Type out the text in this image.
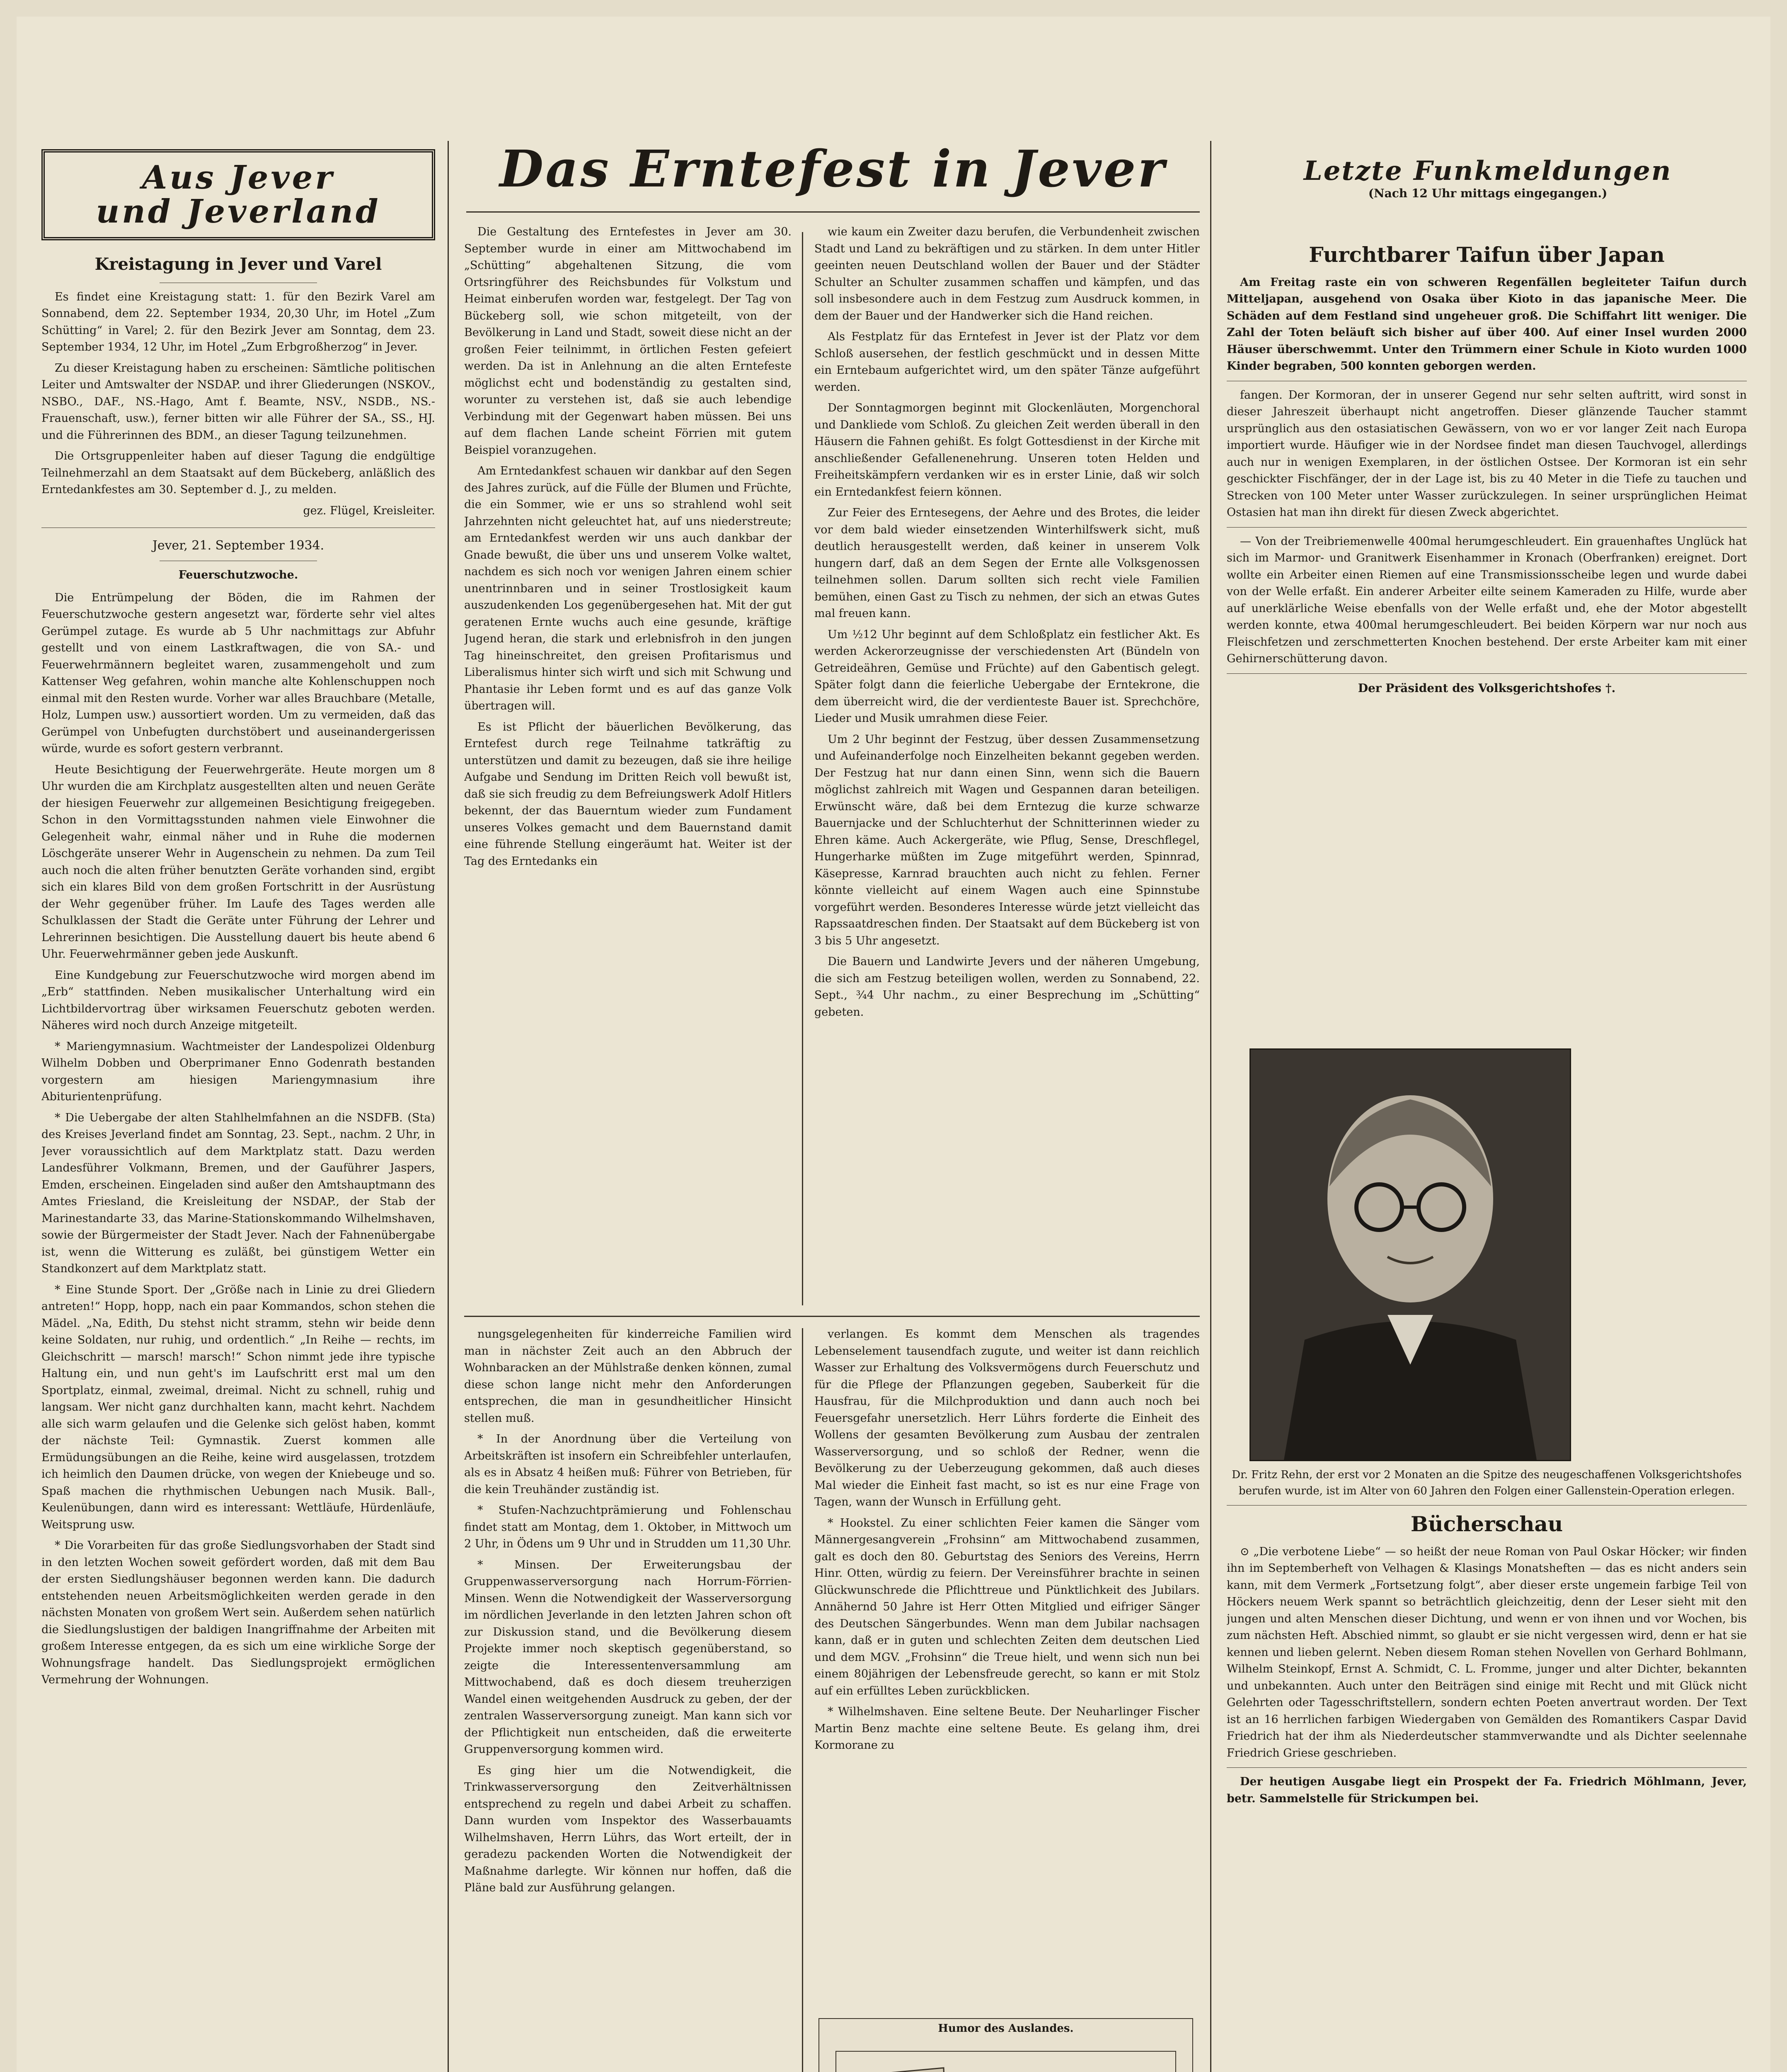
Das Erntefest in Jever
Aus Jever
und Jeverland
Kreistagung in Jever und Varel

Es findet eine Kreistagung statt: 1. für den Bezirk Varel am Sonnabend, dem 22. September 1934, 20,30 Uhr, im Hotel „Zum Schütting“ in Varel; 2. für den Bezirk Jever am Sonntag, dem 23. September 1934, 12 Uhr, im Hotel „Zum Erbgroßherzog“ in Jever.

Zu dieser Kreistagung haben zu erscheinen: Sämtliche politischen Leiter und Amtswalter der NSDAP. und ihrer Gliederungen (NSKOV., NSBO., DAF., NS.-Hago, Amt f. Beamte, NSV., NSDB., NS.-Frauenschaft, usw.), ferner bitten wir alle Führer der SA., SS., HJ. und die Führerinnen des BDM., an dieser Tagung teilzunehmen.

Die Ortsgruppenleiter haben auf dieser Tagung die endgültige Teilnehmerzahl an dem Staatsakt auf dem Bückeberg, anläßlich des Erntedankfestes am 30. September d. J., zu melden.

gez. Flügel, Kreisleiter.
Jever, 21. September 1934.
Feuerschutzwoche.

Die Entrümpelung der Böden, die im Rahmen der Feuerschutzwoche gestern angesetzt war, förderte sehr viel altes Gerümpel zutage. Es wurde ab 5 Uhr nachmittags zur Abfuhr gestellt und von einem Lastkraftwagen, die von SA.- und Feuerwehrmännern begleitet waren, zusammengeholt und zum Kattenser Weg gefahren, wohin manche alte Kohlenschuppen noch einmal mit den Resten wurde. Vorher war alles Brauchbare (Metalle, Holz, Lumpen usw.) aussortiert worden. Um zu vermeiden, daß das Gerümpel von Unbefugten durchstöbert und auseinandergerissen würde, wurde es sofort gestern verbrannt.

Heute Besichtigung der Feuerwehrgeräte. Heute morgen um 8 Uhr wurden die am Kirchplatz ausgestellten alten und neuen Geräte der hiesigen Feuerwehr zur allgemeinen Besichtigung freigegeben. Schon in den Vormittagsstunden nahmen viele Einwohner die Gelegenheit wahr, einmal näher und in Ruhe die modernen Löschgeräte unserer Wehr in Augenschein zu nehmen. Da zum Teil auch noch die alten früher benutzten Geräte vorhanden sind, ergibt sich ein klares Bild von dem großen Fortschritt in der Ausrüstung der Wehr gegenüber früher. Im Laufe des Tages werden alle Schulklassen der Stadt die Geräte unter Führung der Lehrer und Lehrerinnen besichtigen. Die Ausstellung dauert bis heute abend 6 Uhr. Feuerwehrmänner geben jede Auskunft.

Eine Kundgebung zur Feuerschutzwoche wird morgen abend im „Erb“ stattfinden. Neben musikalischer Unterhaltung wird ein Lichtbildervortrag über wirksamen Feuerschutz geboten werden. Näheres wird noch durch Anzeige mitgeteilt.

* Mariengymnasium. Wachtmeister der Landespolizei Oldenburg Wilhelm Dobben und Oberprimaner Enno Godenrath bestanden vorgestern am hiesigen Mariengymnasium ihre Abiturientenprüfung.

* Die Uebergabe der alten Stahlhelmfahnen an die NSDFB. (Sta) des Kreises Jeverland findet am Sonntag, 23. Sept., nachm. 2 Uhr, in Jever voraussichtlich auf dem Marktplatz statt. Dazu werden Landesführer Volkmann, Bremen, und der Gauführer Jaspers, Emden, erscheinen. Eingeladen sind außer den Amtshauptmann des Amtes Friesland, die Kreisleitung der NSDAP., der Stab der Marinestandarte 33, das Marine-Stationskommando Wilhelmshaven, sowie der Bürgermeister der Stadt Jever. Nach der Fahnenübergabe ist, wenn die Witterung es zuläßt, bei günstigem Wetter ein Standkonzert auf dem Marktplatz statt.

* Eine Stunde Sport. Der „Größe nach in Linie zu drei Gliedern antreten!“ Hopp, hopp, nach ein paar Kommandos, schon stehen die Mädel. „Na, Edith, Du stehst nicht stramm, stehn wir beide denn keine Soldaten, nur ruhig, und ordentlich.“ „In Reihe — rechts, im Gleichschritt — marsch! marsch!“ Schon nimmt jede ihre typische Haltung ein, und nun geht's im Laufschritt erst mal um den Sportplatz, einmal, zweimal, dreimal. Nicht zu schnell, ruhig und langsam. Wer nicht ganz durchhalten kann, macht kehrt. Nachdem alle sich warm gelaufen und die Gelenke sich gelöst haben, kommt der nächste Teil: Gymnastik. Zuerst kommen alle Ermüdungsübungen an die Reihe, keine wird ausgelassen, trotzdem ich heimlich den Daumen drücke, von wegen der Kniebeuge und so. Spaß machen die rhythmischen Uebungen nach Musik. Ball-, Keulenübungen, dann wird es interessant: Wettläufe, Hürdenläufe, Weitsprung usw.

* Die Vorarbeiten für das große Siedlungsvorhaben der Stadt sind in den letzten Wochen soweit gefördert worden, daß mit dem Bau der ersten Siedlungshäuser begonnen werden kann. Die dadurch entstehenden neuen Arbeitsmöglichkeiten werden gerade in den nächsten Monaten von großem Wert sein. Außerdem sehen natürlich die Siedlungslustigen der baldigen Inangriffnahme der Arbeiten mit großem Interesse entgegen, da es sich um eine wirkliche Sorge der Wohnungsfrage handelt. Das Siedlungsprojekt ermöglichen Vermehrung der Wohnungen.

Die Gestaltung des Erntefestes in Jever am 30. September wurde in einer am Mittwochabend im „Schütting“ abgehaltenen Sitzung, die vom Ortsringführer des Reichsbundes für Volkstum und Heimat einberufen worden war, festgelegt. Der Tag von Bückeberg soll, wie schon mitgeteilt, von der Bevölkerung in Land und Stadt, soweit diese nicht an der großen Feier teilnimmt, in örtlichen Festen gefeiert werden. Da ist in Anlehnung an die alten Erntefeste möglichst echt und bodenständig zu gestalten sind, worunter zu verstehen ist, daß sie auch lebendige Verbindung mit der Gegenwart haben müssen. Bei uns auf dem flachen Lande scheint Förrien mit gutem Beispiel voranzugehen.

Am Erntedankfest schauen wir dankbar auf den Segen des Jahres zurück, auf die Fülle der Blumen und Früchte, die ein Sommer, wie er uns so strahlend wohl seit Jahrzehnten nicht geleuchtet hat, auf uns niederstreute; am Erntedankfest werden wir uns auch dankbar der Gnade bewußt, die über uns und unserem Volke waltet, nachdem es sich noch vor wenigen Jahren einem schier unentrinnbaren und in seiner Trostlosigkeit kaum auszudenkenden Los gegenübergesehen hat. Mit der gut geratenen Ernte wuchs auch eine gesunde, kräftige Jugend heran, die stark und erlebnisfroh in den jungen Tag hineinschreitet, den greisen Profitarismus und Liberalismus hinter sich wirft und sich mit Schwung und Phantasie ihr Leben formt und es auf das ganze Volk übertragen will.

Es ist Pflicht der bäuerlichen Bevölkerung, das Erntefest durch rege Teilnahme tatkräftig zu unterstützen und damit zu bezeugen, daß sie ihre heilige Aufgabe und Sendung im Dritten Reich voll bewußt ist, daß sie sich freudig zu dem Befreiungswerk Adolf Hitlers bekennt, der das Bauerntum wieder zum Fundament unseres Volkes gemacht und dem Bauernstand damit eine führende Stellung eingeräumt hat. Weiter ist der Tag des Erntedanks ein

wie kaum ein Zweiter dazu berufen, die Verbundenheit zwischen Stadt und Land zu bekräftigen und zu stärken. In dem unter Hitler geeinten neuen Deutschland wollen der Bauer und der Städter Schulter an Schulter zusammen schaffen und kämpfen, und das soll insbesondere auch in dem Festzug zum Ausdruck kommen, in dem der Bauer und der Handwerker sich die Hand reichen.

Als Festplatz für das Erntefest in Jever ist der Platz vor dem Schloß ausersehen, der festlich geschmückt und in dessen Mitte ein Erntebaum aufgerichtet wird, um den später Tänze aufgeführt werden.

Der Sonntagmorgen beginnt mit Glockenläuten, Morgenchoral und Dankliede vom Schloß. Zu gleichen Zeit werden überall in den Häusern die Fahnen gehißt. Es folgt Gottesdienst in der Kirche mit anschließender Gefallenenehrung. Unseren toten Helden und Freiheitskämpfern verdanken wir es in erster Linie, daß wir solch ein Erntedankfest feiern können.

Zur Feier des Erntesegens, der Aehre und des Brotes, die leider vor dem bald wieder einsetzenden Winterhilfswerk sicht, muß deutlich herausgestellt werden, daß keiner in unserem Volk hungern darf, daß an dem Segen der Ernte alle Volksgenossen teilnehmen sollen. Darum sollten sich recht viele Familien bemühen, einen Gast zu Tisch zu nehmen, der sich an etwas Gutes mal freuen kann.

Um ½12 Uhr beginnt auf dem Schloßplatz ein festlicher Akt. Es werden Ackerorzeugnisse der verschiedensten Art (Bündeln von Getreideähren, Gemüse und Früchte) auf den Gabentisch gelegt. Später folgt dann die feierliche Uebergabe der Erntekrone, die dem überreicht wird, die der verdienteste Bauer ist. Sprechchöre, Lieder und Musik umrahmen diese Feier.

Um 2 Uhr beginnt der Festzug, über dessen Zusammensetzung und Aufeinanderfolge noch Einzelheiten bekannt gegeben werden. Der Festzug hat nur dann einen Sinn, wenn sich die Bauern möglichst zahlreich mit Wagen und Gespannen daran beteiligen. Erwünscht wäre, daß bei dem Erntezug die kurze schwarze Bauernjacke und der Schluchterhut der Schnitterinnen wieder zu Ehren käme. Auch Ackergeräte, wie Pflug, Sense, Dreschflegel, Hungerharke müßten im Zuge mitgeführt werden, Spinnrad, Käsepresse, Karnrad brauchten auch nicht zu fehlen. Ferner könnte vielleicht auf einem Wagen auch eine Spinnstube vorgeführt werden. Besonderes Interesse würde jetzt vielleicht das Rapssaatdreschen finden. Der Staatsakt auf dem Bückeberg ist von 3 bis 5 Uhr angesetzt.

Die Bauern und Landwirte Jevers und der näheren Umgebung, die sich am Festzug beteiligen wollen, werden zu Sonnabend, 22. Sept., ¾4 Uhr nachm., zu einer Besprechung im „Schütting“ gebeten.

nungsgelegenheiten für kinderreiche Familien wird man in nächster Zeit auch an den Abbruch der Wohnbaracken an der Mühlstraße denken können, zumal diese schon lange nicht mehr den Anforderungen entsprechen, die man in gesundheitlicher Hinsicht stellen muß.

* In der Anordnung über die Verteilung von Arbeitskräften ist insofern ein Schreibfehler unterlaufen, als es in Absatz 4 heißen muß: Führer von Betrieben, für die kein Treuhänder zuständig ist.

* Stufen-Nachzuchtprämierung und Fohlenschau findet statt am Montag, dem 1. Oktober, in Mittwoch um 2 Uhr, in Ödens um 9 Uhr und in Strudden um 11,30 Uhr.

* Minsen. Der Erweiterungsbau der Gruppenwasserversorgung nach Horrum-Förrien-Minsen. Wenn die Notwendigkeit der Wasserversorgung im nördlichen Jeverlande in den letzten Jahren schon oft zur Diskussion stand, und die Bevölkerung diesem Projekte immer noch skeptisch gegenüberstand, so zeigte die Interessentenversammlung am Mittwochabend, daß es doch diesem treuherzigen Wandel einen weitgehenden Ausdruck zu geben, der der zentralen Wasserversorgung zuneigt. Man kann sich vor der Pflichtigkeit nun entscheiden, daß die erweiterte Gruppenversorgung kommen wird.

Es ging hier um die Notwendigkeit, die Trinkwasserversorgung den Zeitverhältnissen entsprechend zu regeln und dabei Arbeit zu schaffen. Dann wurden vom Inspektor des Wasserbauamts Wilhelmshaven, Herrn Lührs, das Wort erteilt, der in geradezu packenden Worten die Notwendigkeit der Maßnahme darlegte. Wir können nur hoffen, daß die Pläne bald zur Ausführung gelangen.

verlangen. Es kommt dem Menschen als tragendes Lebenselement tausendfach zugute, und weiter ist dann reichlich Wasser zur Erhaltung des Volksvermögens durch Feuerschutz und für die Pflege der Pflanzungen gegeben, Sauberkeit für die Hausfrau, für die Milchproduktion und dann auch noch bei Feuersgefahr unersetzlich. Herr Lührs forderte die Einheit des Wollens der gesamten Bevölkerung zum Ausbau der zentralen Wasserversorgung, und so schloß der Redner, wenn die Bevölkerung zu der Ueberzeugung gekommen, daß auch dieses Mal wieder die Einheit fast macht, so ist es nur eine Frage von Tagen, wann der Wunsch in Erfüllung geht.

* Hookstel. Zu einer schlichten Feier kamen die Sänger vom Männergesangverein „Frohsinn“ am Mittwochabend zusammen, galt es doch den 80. Geburtstag des Seniors des Vereins, Herrn Hinr. Otten, würdig zu feiern. Der Vereinsführer brachte in seinen Glückwunschrede die Pflichttreue und Pünktlichkeit des Jubilars. Annähernd 50 Jahre ist Herr Otten Mitglied und eifriger Sänger des Deutschen Sängerbundes. Wenn man dem Jubilar nachsagen kann, daß er in guten und schlechten Zeiten dem deutschen Lied und dem MGV. „Frohsinn“ die Treue hielt, und wenn sich nun bei einem 80jährigen der Lebensfreude gerecht, so kann er mit Stolz auf ein erfülltes Leben zurückblicken.

* Wilhelmshaven. Eine seltene Beute. Der Neuharlinger Fischer Martin Benz machte eine seltene Beute. Es gelang ihm, drei Kormorane zu

Humor des Auslandes.
Letzte Funkmeldungen
(Nach 12 Uhr mittags eingegangen.)
Furchtbarer Taifun über Japan

Am Freitag raste ein von schweren Regenfällen begleiteter Taifun durch Mitteljapan, ausgehend von Osaka über Kioto in das japanische Meer. Die Schäden auf dem Festland sind ungeheuer groß. Die Schiffahrt litt weniger. Die Zahl der Toten beläuft sich bisher auf über 400. Auf einer Insel wurden 2000 Häuser überschwemmt. Unter den Trümmern einer Schule in Kioto wurden 1000 Kinder begraben, 500 konnten geborgen werden.

fangen. Der Kormoran, der in unserer Gegend nur sehr selten auftritt, wird sonst in dieser Jahreszeit überhaupt nicht angetroffen. Dieser glänzende Taucher stammt ursprünglich aus den ostasiatischen Gewässern, von wo er vor langer Zeit nach Europa importiert wurde. Häufiger wie in der Nordsee findet man diesen Tauchvogel, allerdings auch nur in wenigen Exemplaren, in der östlichen Ostsee. Der Kormoran ist ein sehr geschickter Fischfänger, der in der Lage ist, bis zu 40 Meter in die Tiefe zu tauchen und Strecken von 100 Meter unter Wasser zurückzulegen. In seiner ursprünglichen Heimat Ostasien hat man ihn direkt für diesen Zweck abgerichtet.

— Von der Treibriemenwelle 400mal herumgeschleudert. Ein grauenhaftes Unglück hat sich im Marmor- und Granitwerk Eisenhammer in Kronach (Oberfranken) ereignet. Dort wollte ein Arbeiter einen Riemen auf eine Transmissionsscheibe legen und wurde dabei von der Welle erfaßt. Ein anderer Arbeiter eilte seinem Kameraden zu Hilfe, wurde aber auf unerklärliche Weise ebenfalls von der Welle erfaßt und, ehe der Motor abgestellt werden konnte, etwa 400mal herumgeschleudert. Bei beiden Körpern war nur noch aus Fleischfetzen und zerschmetterten Knochen bestehend. Der erste Arbeiter kam mit einer Gehirnerschütterung davon.

Der Präsident des Volksgerichtshofes †.
Dr. Fritz Rehn, der erst vor 2 Monaten an die Spitze des neugeschaffenen Volksgerichtshofes berufen wurde, ist im Alter von 60 Jahren den Folgen einer Gallenstein-Operation erlegen.
Bücherschau

⊙ „Die verbotene Liebe“ — so heißt der neue Roman von Paul Oskar Höcker; wir finden ihn im Septemberheft von Velhagen & Klasings Monatsheften — das es nicht anders sein kann, mit dem Vermerk „Fortsetzung folgt“, aber dieser erste ungemein farbige Teil von Höckers neuem Werk spannt so beträchtlich gleichzeitig, denn der Leser sieht mit den jungen und alten Menschen dieser Dichtung, und wenn er von ihnen und vor Wochen, bis zum nächsten Heft. Abschied nimmt, so glaubt er sie nicht vergessen wird, denn er hat sie kennen und lieben gelernt. Neben diesem Roman stehen Novellen von Gerhard Bohlmann, Wilhelm Steinkopf, Ernst A. Schmidt, C. L. Fromme, junger und alter Dichter, bekannten und unbekannten. Auch unter den Beiträgen sind einige mit Recht und mit Glück nicht Gelehrten oder Tagesschriftstellern, sondern echten Poeten anvertraut worden. Der Text ist an 16 herrlichen farbigen Wiedergaben von Gemälden des Romantikers Caspar David Friedrich hat der ihm als Niederdeutscher stammverwandte und als Dichter seelennahe Friedrich Griese geschrieben.

Der heutigen Ausgabe liegt ein Prospekt der Fa. Friedrich Möhlmann, Jever, betr. Sammelstelle für Strickumpen bei.
